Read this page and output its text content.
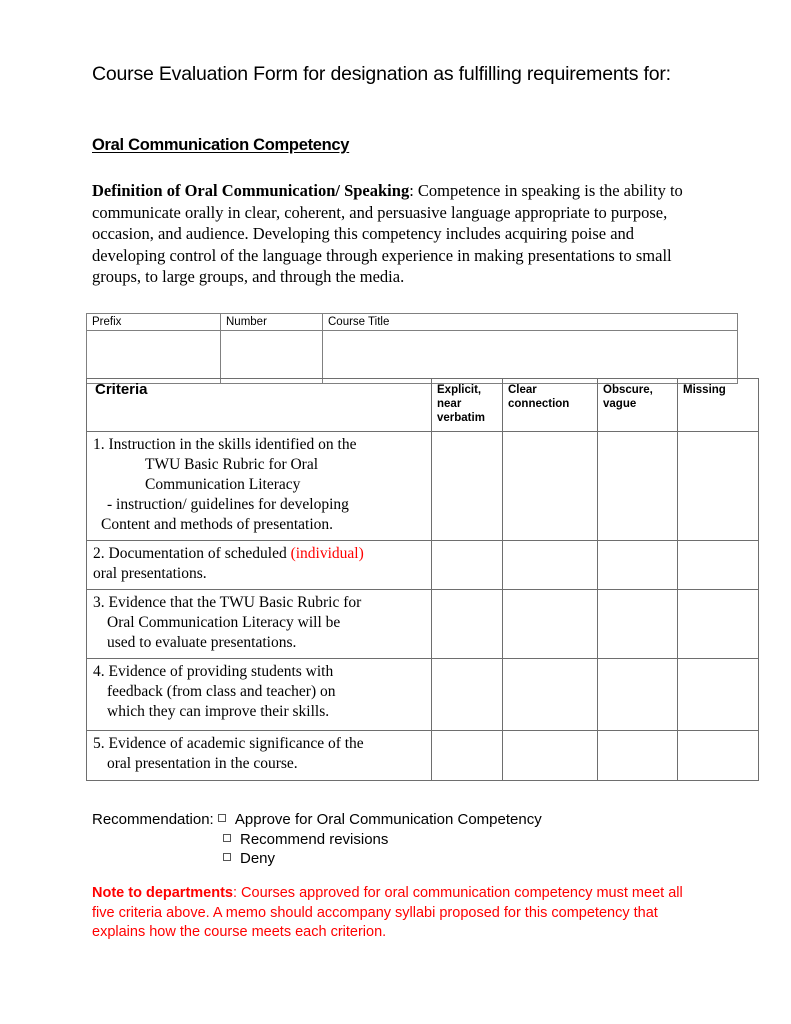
Course Evaluation Form for designation as fulfilling requirements for:
Oral Communication Competency
Definition of Oral Communication/ Speaking: Competence in speaking is the ability to communicate orally in clear, coherent, and persuasive language appropriate to purpose, occasion, and audience. Developing this competency includes acquiring poise and developing control of the language through experience in making presentations to small groups, to large groups, and through the media.
Prefix	Number	Course Title

Criteria	Explicit, near verbatim	Clear connection	Obscure, vague	Missing

1. Instruction in the skills identified on the
TWU Basic Rubric for Oral
Communication Literacy
- instruction/ guidelines for developing
Content and methods of presentation.				

2. Documentation of scheduled (individual)
oral presentations.				

3. Evidence that the TWU Basic Rubric for
Oral Communication Literacy will be
used to evaluate presentations.				

4. Evidence of providing students with
feedback (from class and teacher) on
which they can improve their skills.				

5. Evidence of academic significance of the
oral presentation in the course.				

Recommendation: Approve for Oral Communication Competency
Recommend revisions
Deny
Note to departments: Courses approved for oral communication competency must meet all five criteria above. A memo should accompany syllabi proposed for this competency that explains how the course meets each criterion.
